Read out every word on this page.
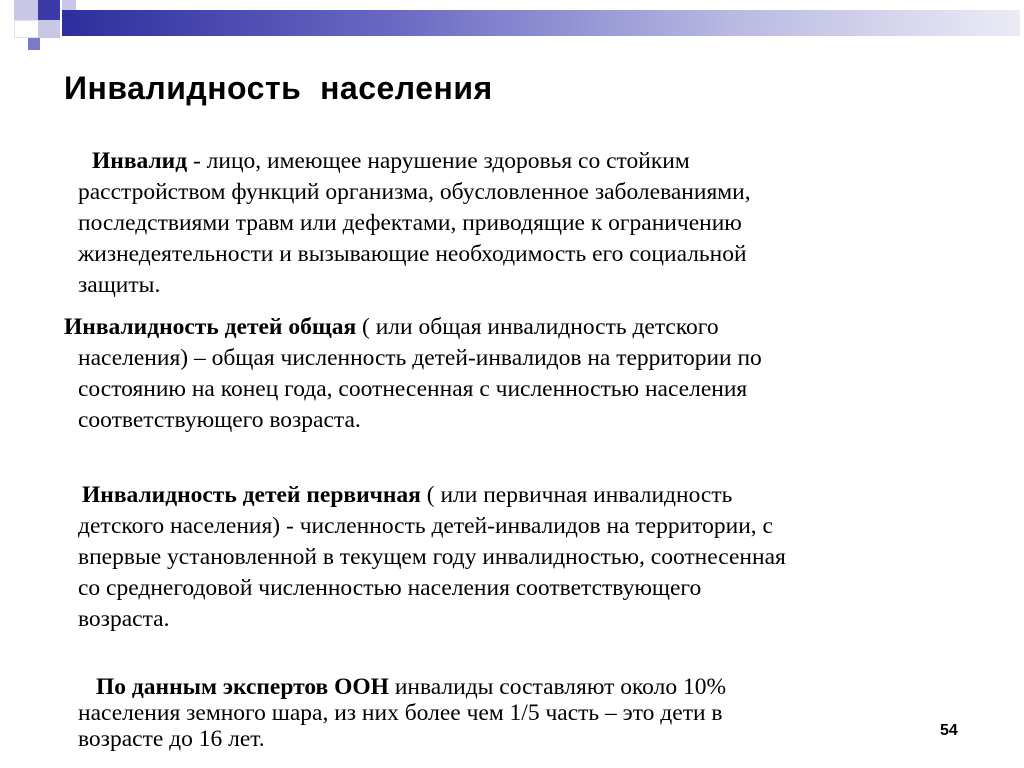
Инвалидность  населения
Инвалид - лицо, имеющее нарушение здоровья со стойким
расстройством функций организма, обусловленное заболеваниями,
последствиями травм или дефектами, приводящие к ограничению
жизнедеятельности и вызывающие необходимость его социальной
защиты.
Инвалидность детей общая ( или общая инвалидность детского
населения) – общая численность детей-инвалидов на территории по
состоянию на конец года, соотнесенная с численностью населения
соответствующего возраста.
Инвалидность детей первичная ( или первичная инвалидность
детского населения) - численность детей-инвалидов на территории, с
впервые установленной в текущем году инвалидностью, соотнесенная
со среднегодовой численностью населения соответствующего
возраста.
По данным экспертов ООН инвалиды составляют около 10%
населения земного шара, из них более чем 1/5 часть – это дети в
возрасте до 16 лет.	54
